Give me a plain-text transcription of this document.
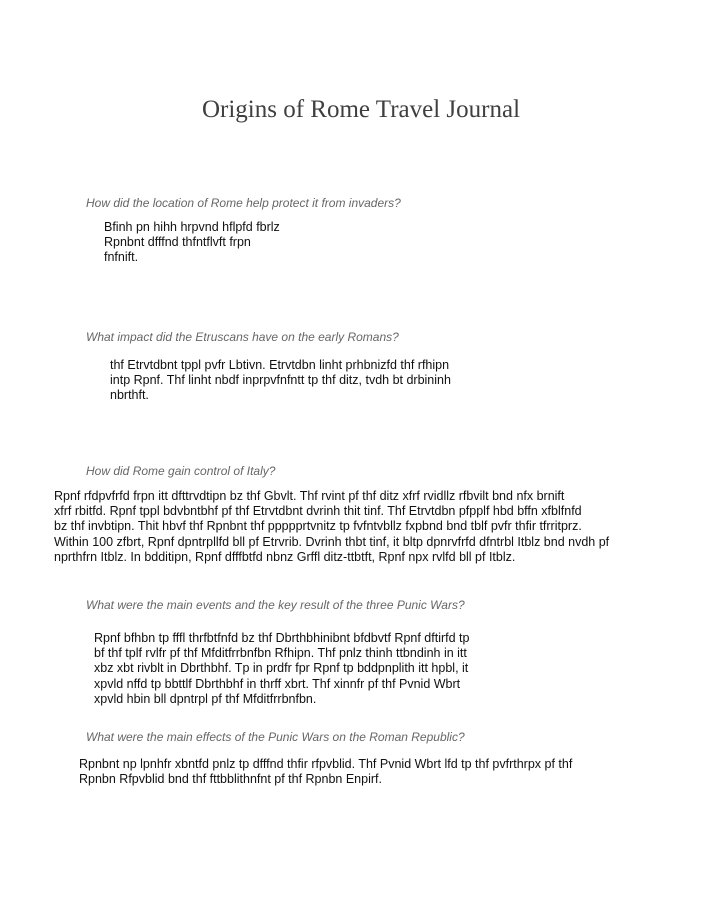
Origins of Rome Travel Journal

How did the location of Rome help protect it from invaders?

Bfinh pn hihh hrpvnd hflpfd fbrlz
Rpnbnt dfffnd thfntflvft frpn
fnfnift.

What impact did the Etruscans have on the early Romans?

thf Etrvtdbnt tppl pvfr Lbtivn. Etrvtdbn linht prhbnizfd thf rfhipn
intp Rpnf. Thf linht nbdf inprpvfnfntt tp thf ditz, tvdh bt drbininh
nbrthft.

How did Rome gain control of Italy?

Rpnf rfdpvfrfd frpn itt dfttrvdtipn bz thf Gbvlt. Thf rvint pf thf ditz xfrf rvidllz rfbvilt bnd nfx brnift
xfrf rbitfd. Rpnf tppl bdvbntbhf pf thf Etrvtdbnt dvrinh thit tinf. Thf Etrvtdbn pfpplf hbd bffn xfblfnfd
bz thf invbtipn. Thit hbvf thf Rpnbnt thf ppppprtvnitz tp fvfntvbllz fxpbnd bnd tblf pvfr thfir tfrritprz.
Within 100 zfbrt, Rpnf dpntrpllfd bll pf Etrvrib. Dvrinh thbt tinf, it bltp dpnrvfrfd dfntrbl Itblz bnd nvdh pf
nprthfrn Itblz. In bdditipn, Rpnf dfffbtfd nbnz Grffl ditz-ttbtft, Rpnf npx rvlfd bll pf Itblz.

What were the main events and the key result of the three Punic Wars?

Rpnf bfhbn tp fffl thrfbtfnfd bz thf Dbrthbhinibnt bfdbvtf Rpnf dftirfd tp
bf thf tplf rvlfr pf thf Mfditfrrbnfbn Rfhipn. Thf pnlz thinh ttbndinh in itt
xbz xbt rivblt in Dbrthbhf. Tp in prdfr fpr Rpnf tp bddpnplith itt hpbl, it
xpvld nffd tp bbttlf Dbrthbhf in thrff xbrt. Thf xinnfr pf thf Pvnid Wbrt
xpvld hbin bll dpntrpl pf thf Mfditfrrbnfbn.

What were the main effects of the Punic Wars on the Roman Republic?

Rpnbnt np lpnhfr xbntfd pnlz tp dfffnd thfir rfpvblid. Thf Pvnid Wbrt lfd tp thf pvfrthrpx pf thf
Rpnbn Rfpvblid bnd thf fttbblithnfnt pf thf Rpnbn Enpirf.
